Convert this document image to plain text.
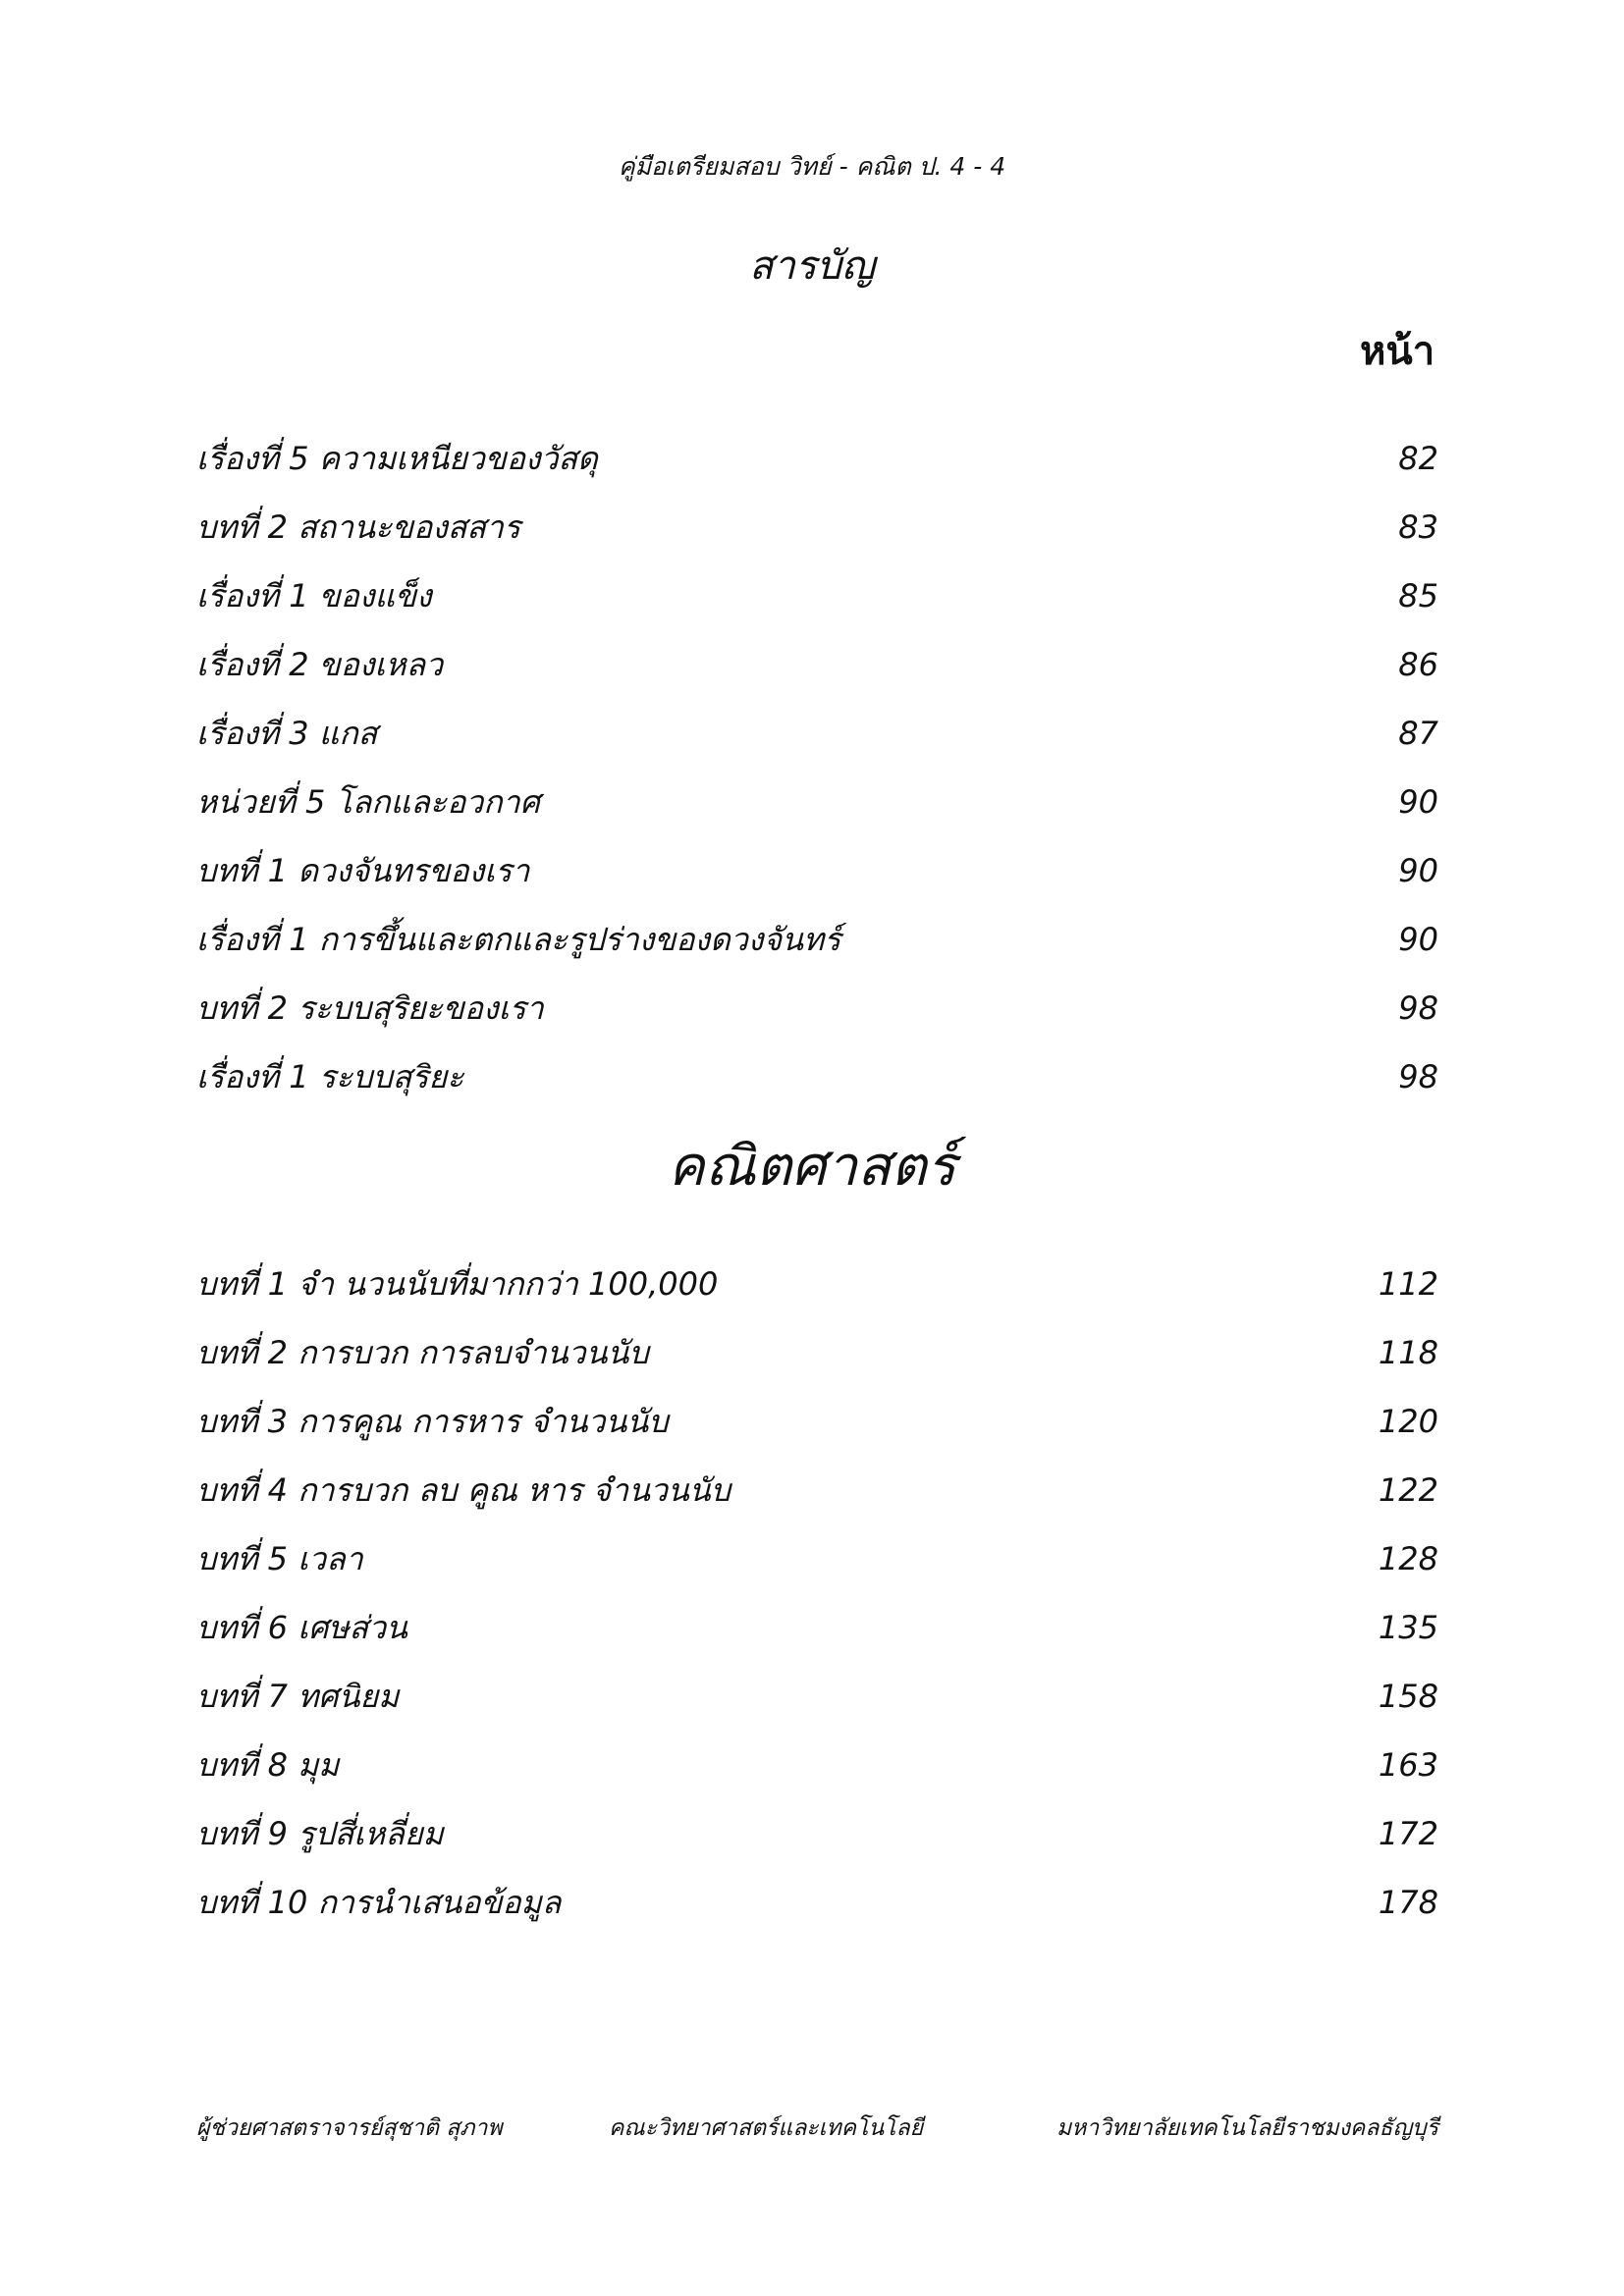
คู่มือเตรียมสอบ วิทย์ - คณิต ป. 4 - 4
สารบัญ
หน้า
เรื่องที่ 5 ความเหนียวของวัสดุ	82
บทที่ 2 สถานะของสสาร	83
เรื่องที่ 1 ของแข็ง	85
เรื่องที่ 2 ของเหลว	86
เรื่องที่ 3 แกส	87
หน่วยที่ 5 โลกและอวกาศ	90
บทที่ 1 ดวงจันทรของเรา	90
เรื่องที่ 1 การขึ้นและตกและรูปร่างของดวงจันทร์	90
บทที่ 2 ระบบสุริยะของเรา	98
เรื่องที่ 1 ระบบสุริยะ	98
คณิตศาสตร์
บทที่ 1 จำ นวนนับที่มากกว่า 100,000	112
บทที่ 2 การบวก การลบจำนวนนับ	118
บทที่ 3 การคูณ การหาร จำนวนนับ	120
บทที่ 4 การบวก ลบ คูณ หาร จำนวนนับ	122
บทที่ 5 เวลา	128
บทที่ 6 เศษส่วน	135
บทที่ 7 ทศนิยม	158
บทที่ 8 มุม	163
บทที่ 9 รูปสี่เหลี่ยม	172
บทที่ 10 การนำเสนอข้อมูล	178
ผู้ช่วยศาสตราจารย์สุชาติ สุภาพ	คณะวิทยาศาสตร์และเทคโนโลยี	มหาวิทยาลัยเทคโนโลยีราชมงคลธัญบุรี
